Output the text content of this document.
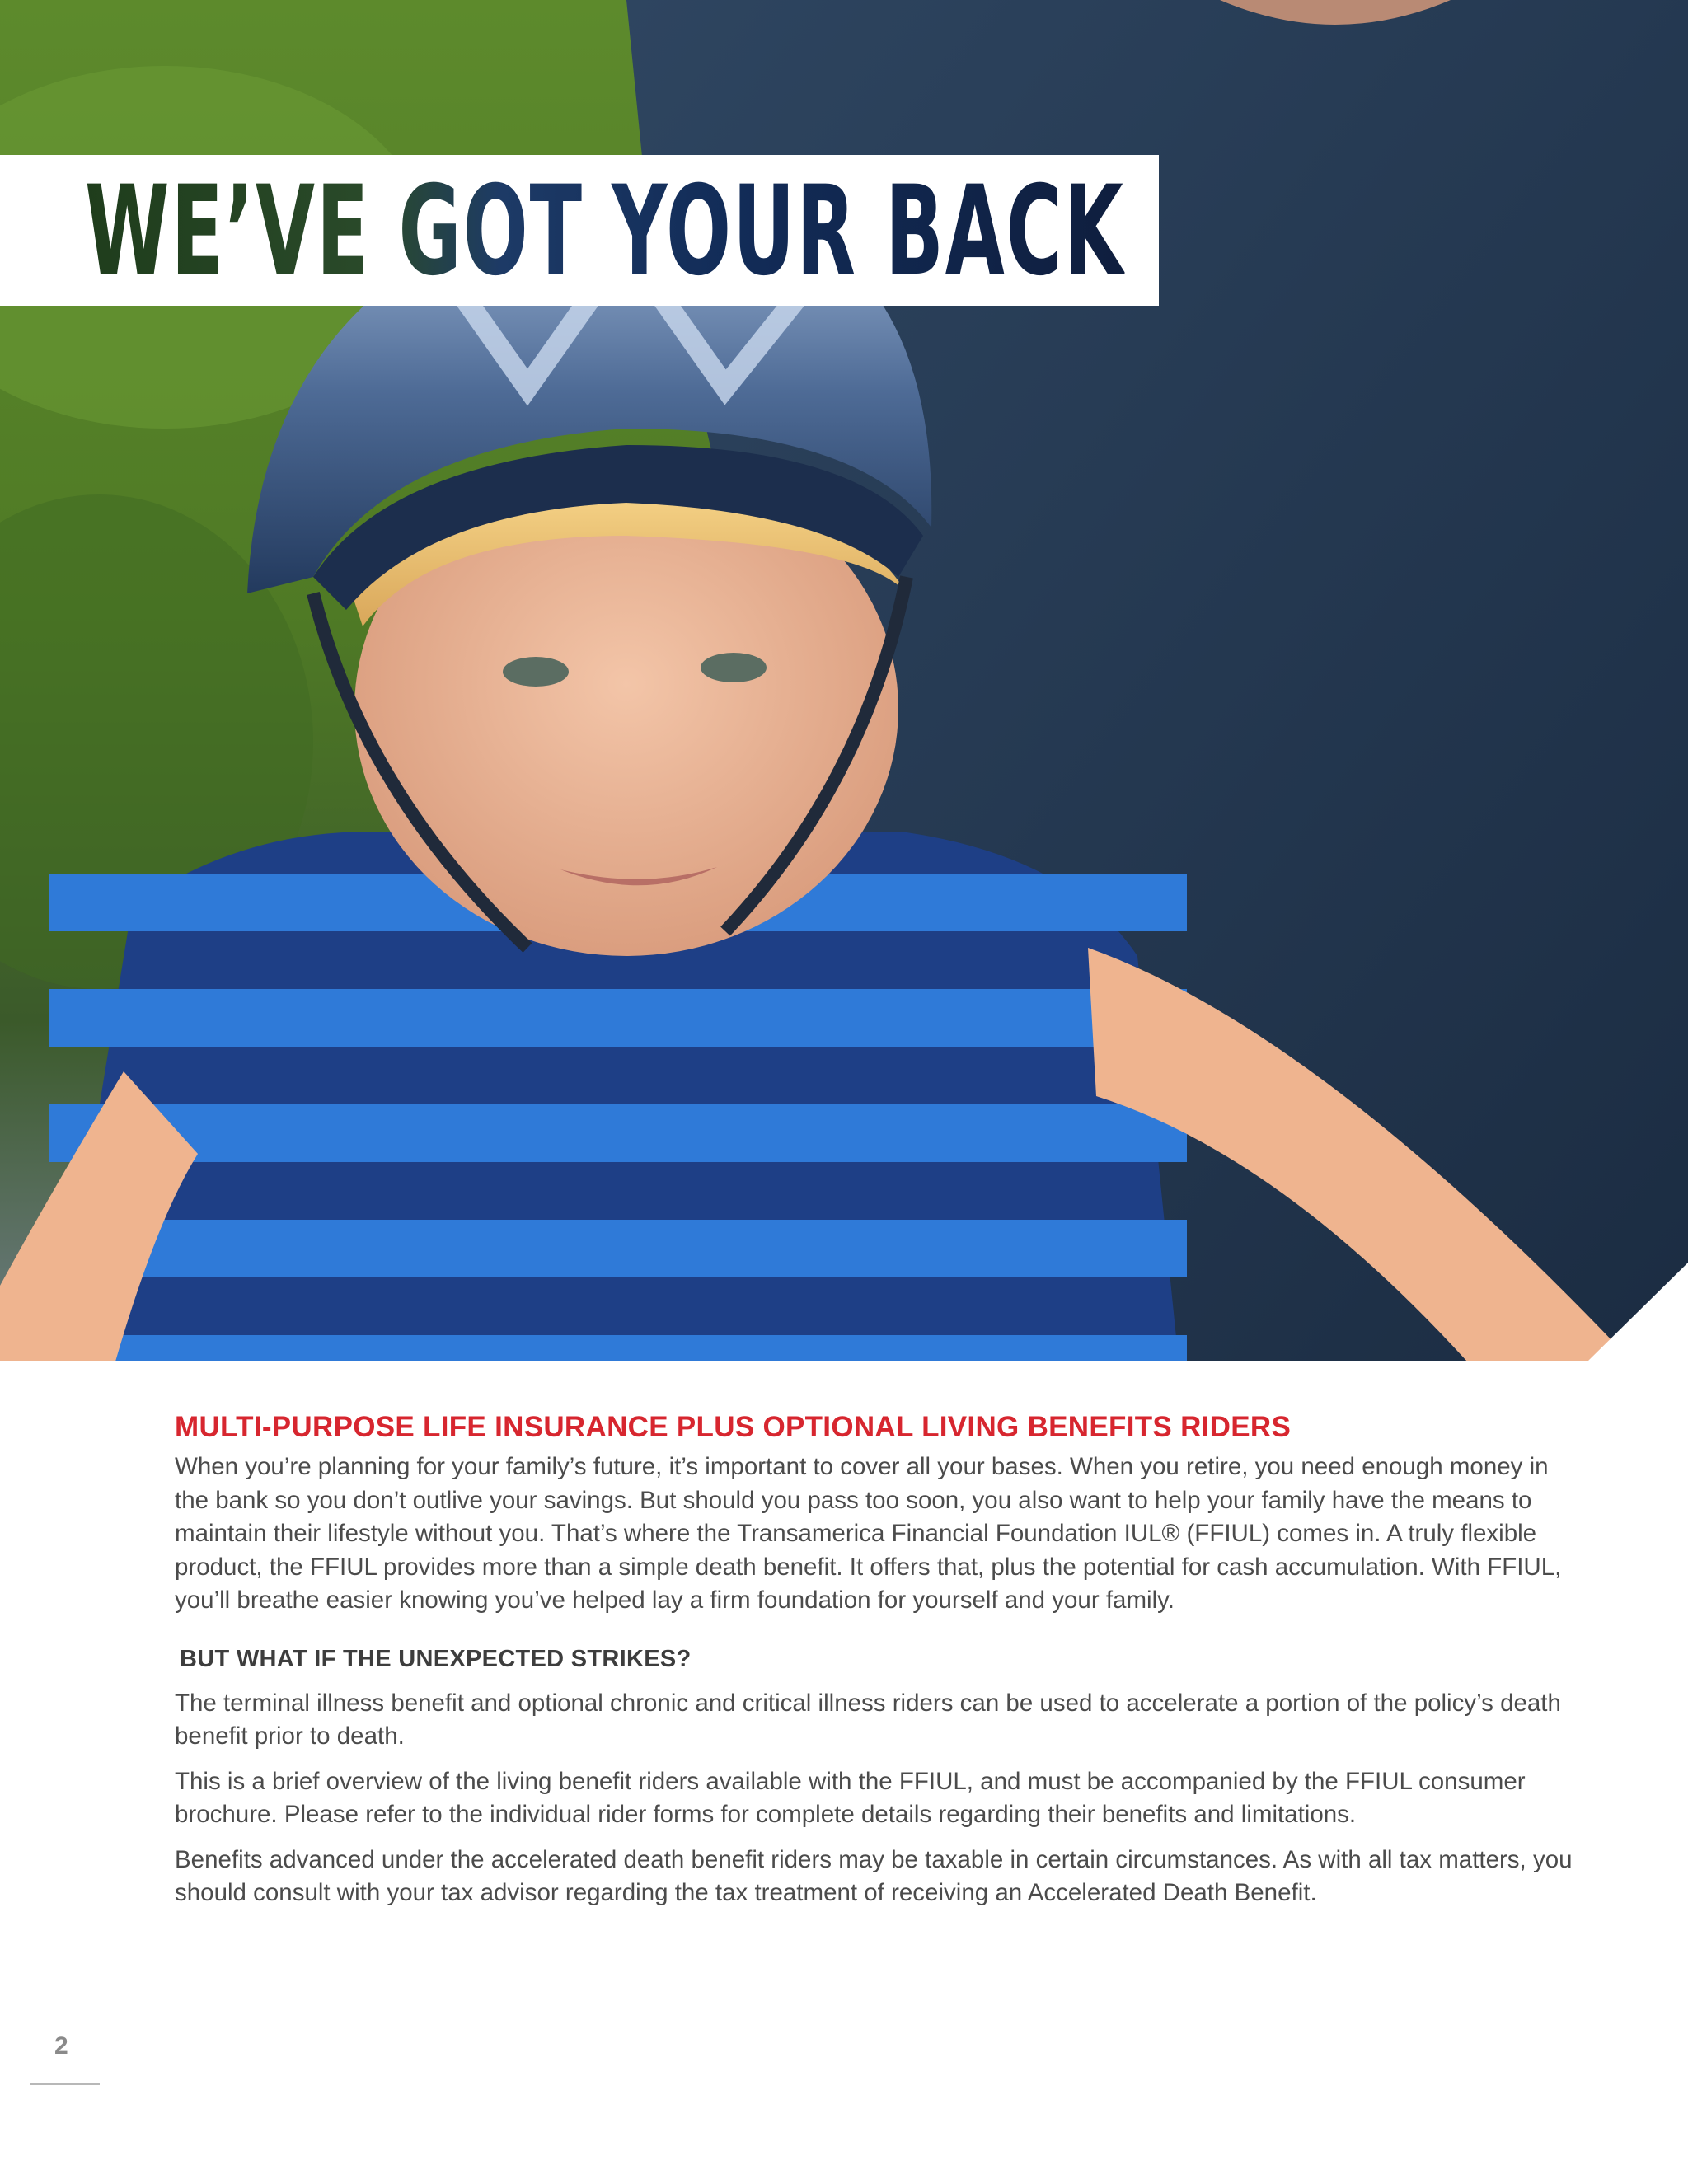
WE’VE GOT YOUR BACK
MULTI-PURPOSE LIFE INSURANCE PLUS OPTIONAL LIVING BENEFITS RIDERS

When you’re planning for your family’s future, it’s important to cover all your bases. When you retire, you need enough money in the bank so you don’t outlive your savings. But should you pass too soon, you also want to help your family have the means to maintain their lifestyle without you. That’s where the Transamerica Financial Foundation IUL® (FFIUL) comes in. A truly flexible product, the FFIUL provides more than a simple death benefit. It offers that, plus the potential for cash accumulation. With FFIUL, you’ll breathe easier knowing you’ve helped lay a firm foundation for yourself and your family.

BUT WHAT IF THE UNEXPECTED STRIKES?

The terminal illness benefit and optional chronic and critical illness riders can be used to accelerate a portion of the policy’s death benefit prior to death.

This is a brief overview of the living benefit riders available with the FFIUL, and must be accompanied by the FFIUL consumer brochure. Please refer to the individual rider forms for complete details regarding their benefits and limitations.

Benefits advanced under the accelerated death benefit riders may be taxable in certain circumstances. As with all tax matters, you should consult with your tax advisor regarding the tax treatment of receiving an Accelerated Death Benefit.

2
